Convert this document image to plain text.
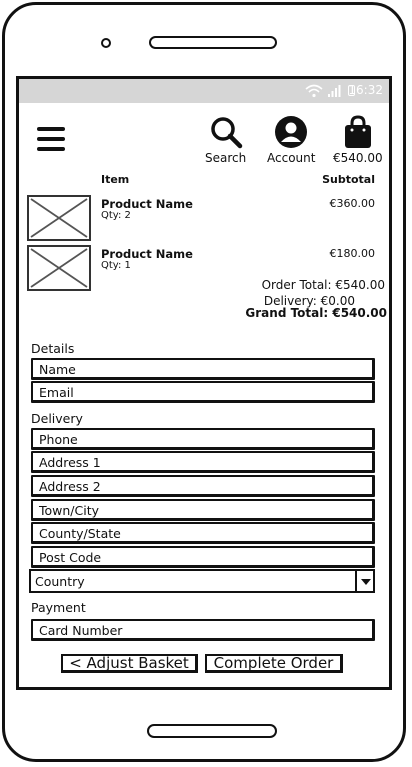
16:32
Search Account €540.00
Item	Subtotal
Product Name
Qty: 2
€360.00
Product Name
Qty: 1
€180.00
Order Total: €540.00
Delivery: €0.00
Grand Total: €540.00
Details
Name
Email
Delivery
Phone
Address 1
Address 2
Town/City
County/State
Post Code
Country
Payment
Card Number
< Adjust Basket	Complete Order
